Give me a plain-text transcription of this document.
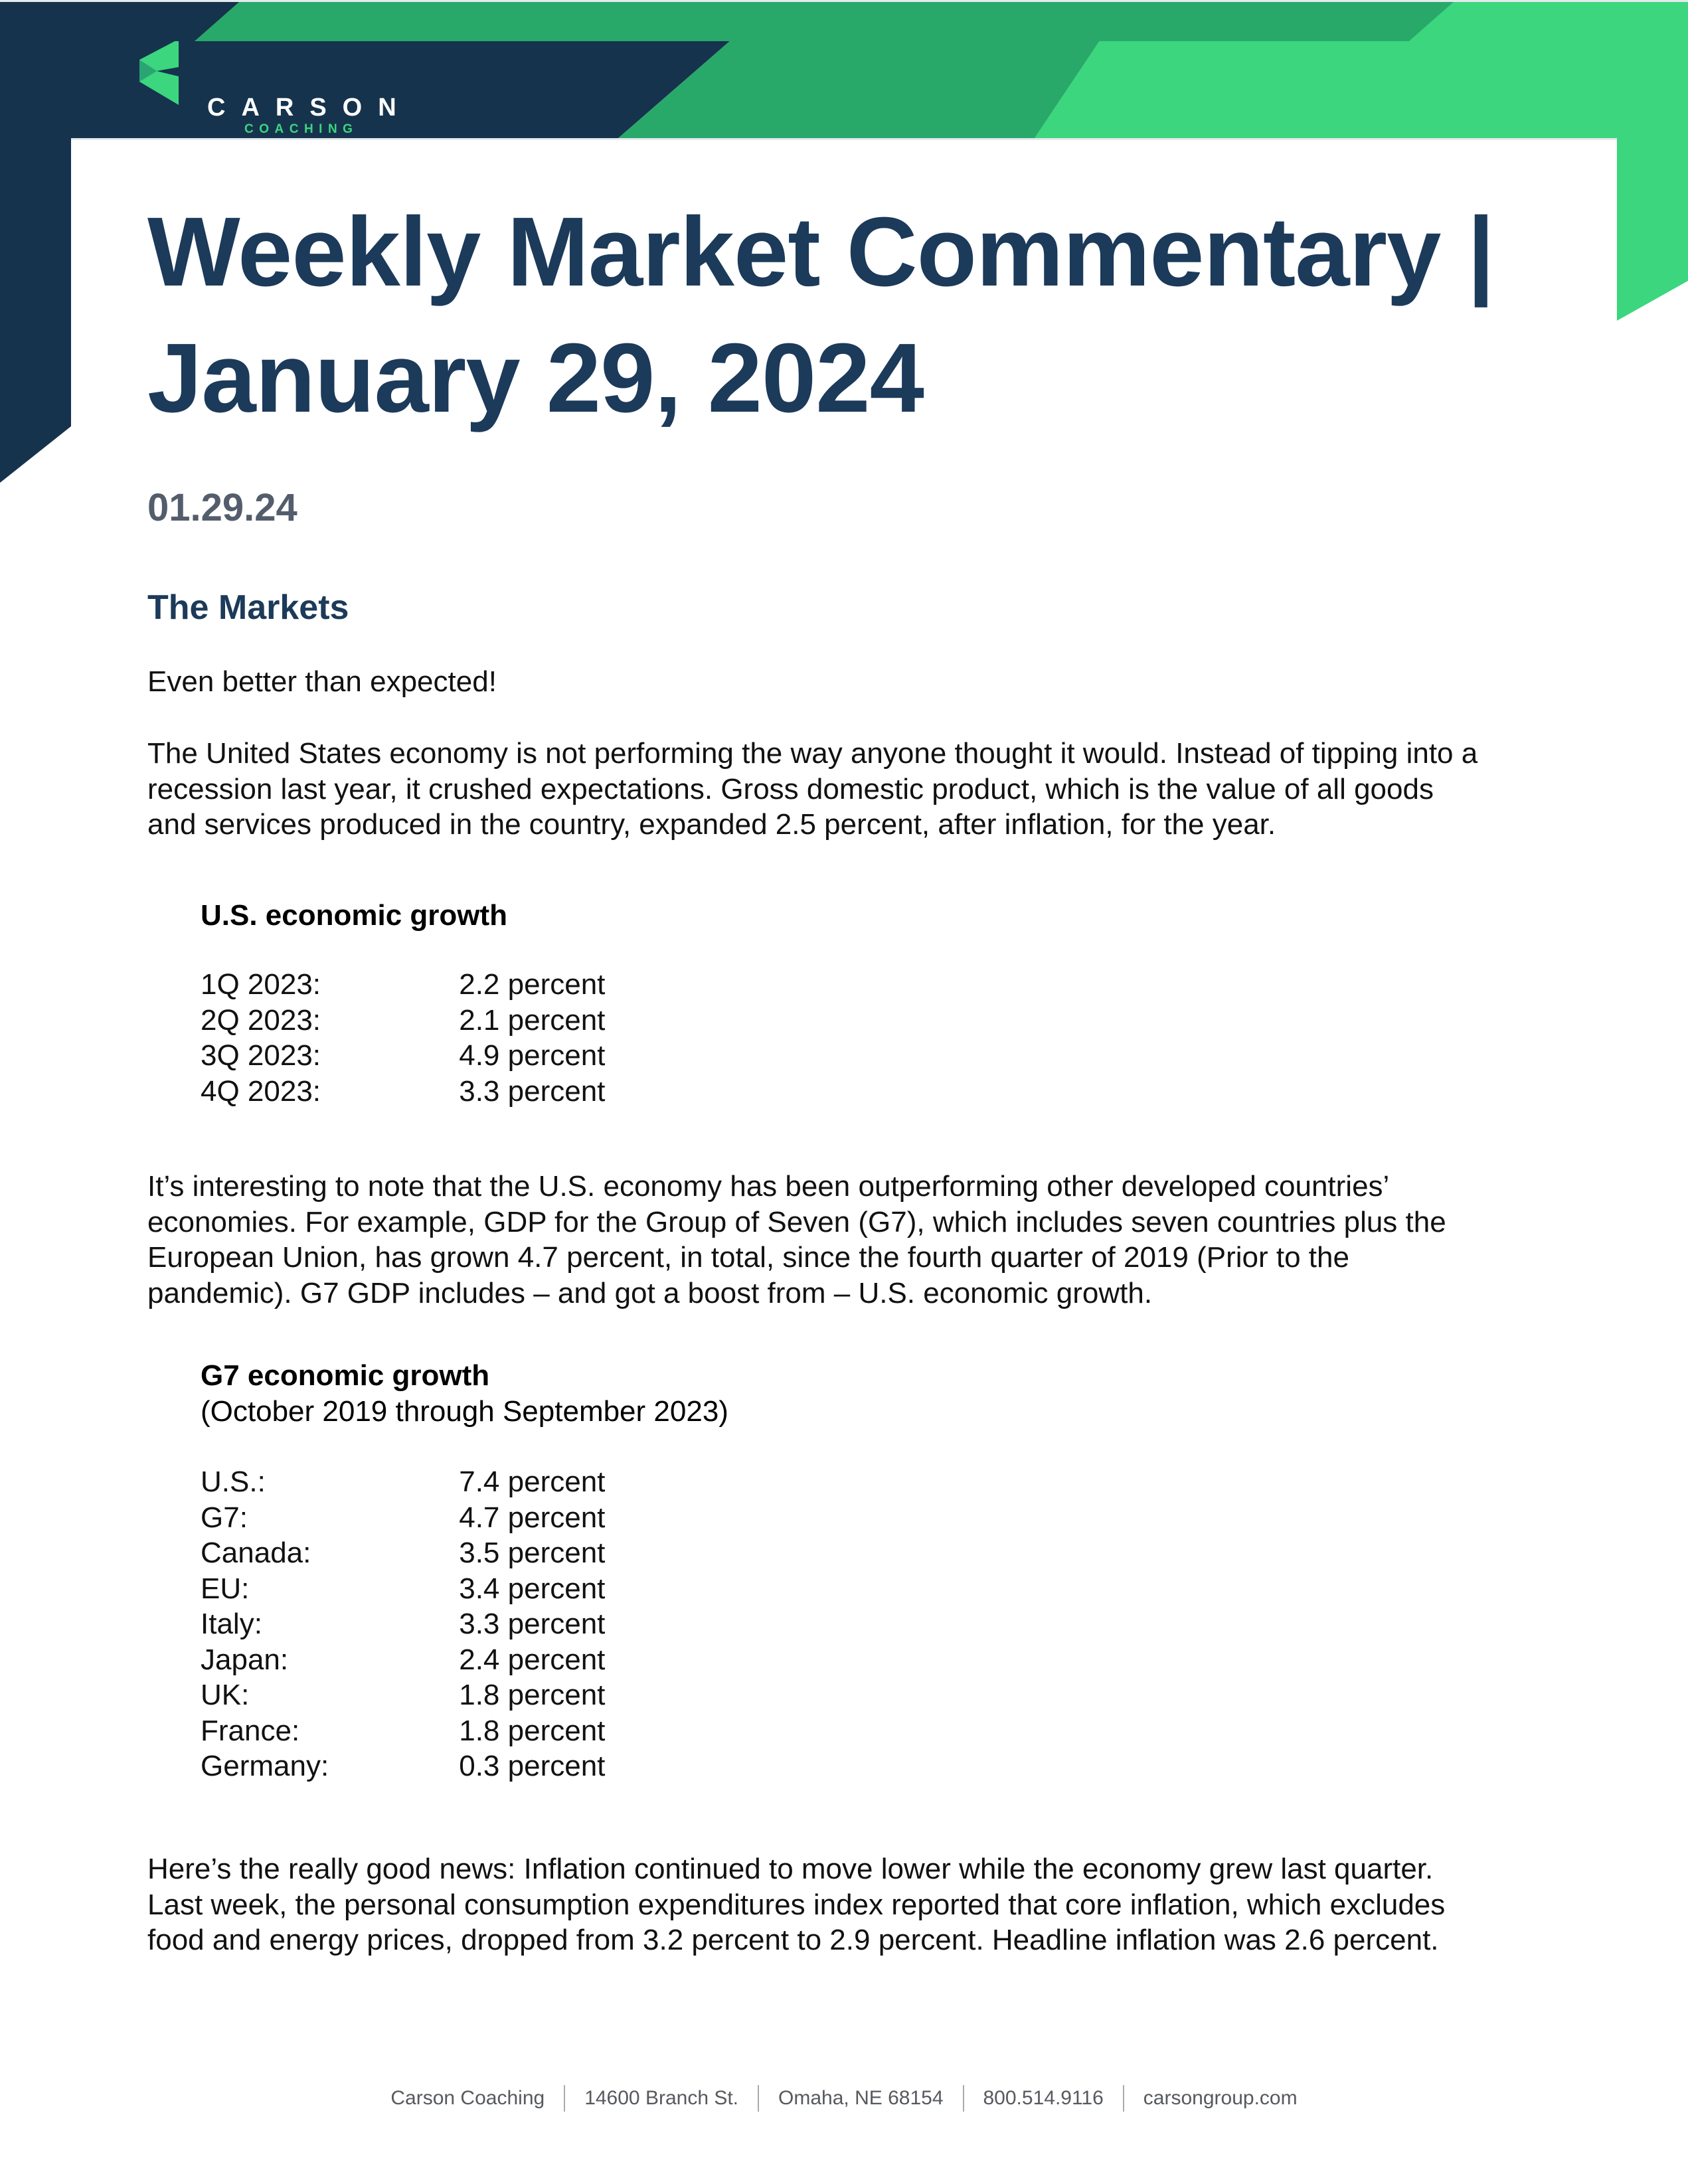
CARSON
COACHING
Weekly Market Commentary |
January 29, 2024
01.29.24
The Markets
Even better than expected!
The United States economy is not performing the way anyone thought it would. Instead of tipping into a
recession last year, it crushed expectations. Gross domestic product, which is the value of all goods
and services produced in the country, expanded 2.5 percent, after inflation, for the year.
U.S. economic growth
1Q 2023:	2.2 percent
2Q 2023:	2.1 percent
3Q 2023:	4.9 percent
4Q 2023:	3.3 percent
It’s interesting to note that the U.S. economy has been outperforming other developed countries’
economies. For example, GDP for the Group of Seven (G7), which includes seven countries plus the
European Union, has grown 4.7 percent, in total, since the fourth quarter of 2019 (Prior to the
pandemic). G7 GDP includes – and got a boost from – U.S. economic growth.
G7 economic growth
(October 2019 through September 2023)
U.S.:	7.4 percent
G7:	4.7 percent
Canada:	3.5 percent
EU:	3.4 percent
Italy:	3.3 percent
Japan:	2.4 percent
UK:	1.8 percent
France:	1.8 percent
Germany:	0.3 percent
Here’s the really good news: Inflation continued to move lower while the economy grew last quarter.
Last week, the personal consumption expenditures index reported that core inflation, which excludes
food and energy prices, dropped from 3.2 percent to 2.9 percent. Headline inflation was 2.6 percent.
Carson Coaching	14600 Branch St.	Omaha, NE 68154	800.514.9116	carsongroup.com
